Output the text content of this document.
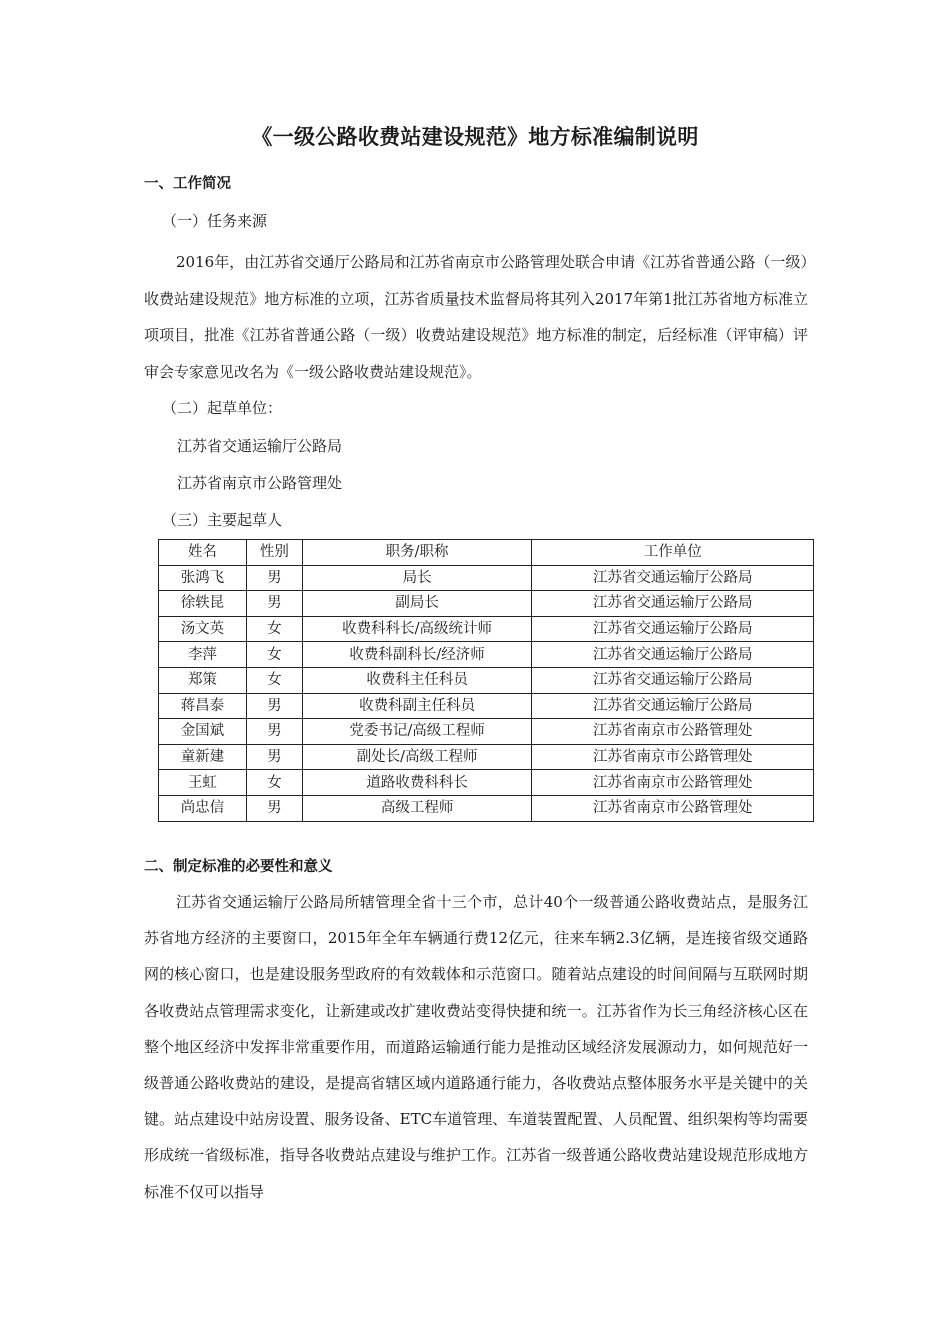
《一级公路收费站建设规范》地方标准编制说明
一、工作简况
（一）任务来源

2016年，由江苏省交通厅公路局和江苏省南京市公路管理处联合申请《江苏省普通公路（一级）收费站建设规范》地方标准的立项，江苏省质量技术监督局将其列入2017年第1批江苏省地方标准立项项目，批准《江苏省普通公路（一级）收费站建设规范》地方标准的制定，后经标准（评审稿）评审会专家意见改名为《一级公路收费站建设规范》。

（二）起草单位：
江苏省交通运输厅公路局
江苏省南京市公路管理处
（三）主要起草人
姓名	性别	职务/职称	工作单位
张鸿飞	男	局长	江苏省交通运输厅公路局
徐轶昆	男	副局长	江苏省交通运输厅公路局
汤文英	女	收费科科长/高级统计师	江苏省交通运输厅公路局
李萍	女	收费科副科长/经济师	江苏省交通运输厅公路局
郑策	女	收费科主任科员	江苏省交通运输厅公路局
蒋昌泰	男	收费科副主任科员	江苏省交通运输厅公路局
金国斌	男	党委书记/高级工程师	江苏省南京市公路管理处
童新建	男	副处长/高级工程师	江苏省南京市公路管理处
王虹	女	道路收费科科长	江苏省南京市公路管理处
尚忠信	男	高级工程师	江苏省南京市公路管理处
二、制定标准的必要性和意义

江苏省交通运输厅公路局所辖管理全省十三个市，总计40个一级普通公路收费站点，是服务江苏省地方经济的主要窗口，2015年全年车辆通行费12亿元，往来车辆2.3亿辆，是连接省级交通路网的核心窗口，也是建设服务型政府的有效载体和示范窗口。随着站点建设的时间间隔与互联网时期各收费站点管理需求变化，让新建或改扩建收费站变得快捷和统一。江苏省作为长三角经济核心区在整个地区经济中发挥非常重要作用，而道路运输通行能力是推动区域经济发展源动力，如何规范好一级普通公路收费站的建设，是提高省辖区域内道路通行能力，各收费站点整体服务水平是关键中的关键。站点建设中站房设置、服务设备、ETC车道管理、车道装置配置、人员配置、组织架构等均需要形成统一省级标准，指导各收费站点建设与维护工作。江苏省一级普通公路收费站建设规范形成地方标准不仅可以指导
